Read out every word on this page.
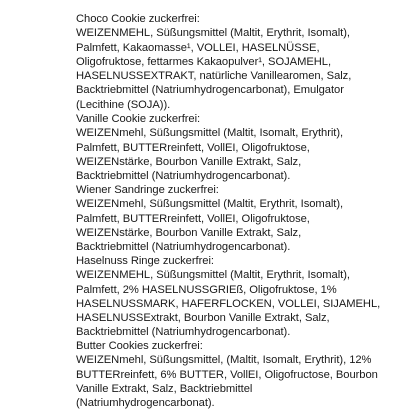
Choco Cookie zuckerfrei:

WEIZENMEHL, Süßungsmittel (Maltit, Erythrit, Isomalt),

Palmfett, Kakaomasse¹, VOLLEI, HASELNÜSSE,

Oligofruktose, fettarmes Kakaopulver¹, SOJAMEHL,

HASELNUSSEXTRAKT, natürliche Vanillearomen, Salz,

Backtriebmittel (Natriumhydrogencarbonat), Emulgator

(Lecithine (SOJA)).

Vanille Cookie zuckerfrei:

WEIZENmehl, Süßungsmittel (Maltit, Isomalt, Erythrit),

Palmfett, BUTTERreinfett, VollEI, Oligofruktose,

WEIZENstärke, Bourbon Vanille Extrakt, Salz,

Backtriebmittel (Natriumhydrogencarbonat).

Wiener Sandringe zuckerfrei:

WEIZENmehl, Süßungsmittel (Maltit, Erythrit, Isomalt),

Palmfett, BUTTERreinfett, VollEI, Oligofruktose,

WEIZENstärke, Bourbon Vanille Extrakt, Salz,

Backtriebmittel (Natriumhydrogencarbonat).

Haselnuss Ringe zuckerfrei:

WEIZENMEHL, Süßungsmittel (Maltit, Erythrit, Isomalt),

Palmfett, 2% HASELNUSSGRIEß, Oligofruktose, 1%

HASELNUSSMARK, HAFERFLOCKEN, VOLLEI, SIJAMEHL,

HASELNUSSExtrakt, Bourbon Vanille Extrakt, Salz,

Backtriebmittel (Natriumhydrogencarbonat).

Butter Cookies zuckerfrei:

WEIZENmehl, Süßungsmittel, (Maltit, Isomalt, Erythrit), 12%

BUTTERreinfett, 6% BUTTER, VollEI, Oligofructose, Bourbon

Vanille Extrakt, Salz, Backtriebmittel

(Natriumhydrogencarbonat).
